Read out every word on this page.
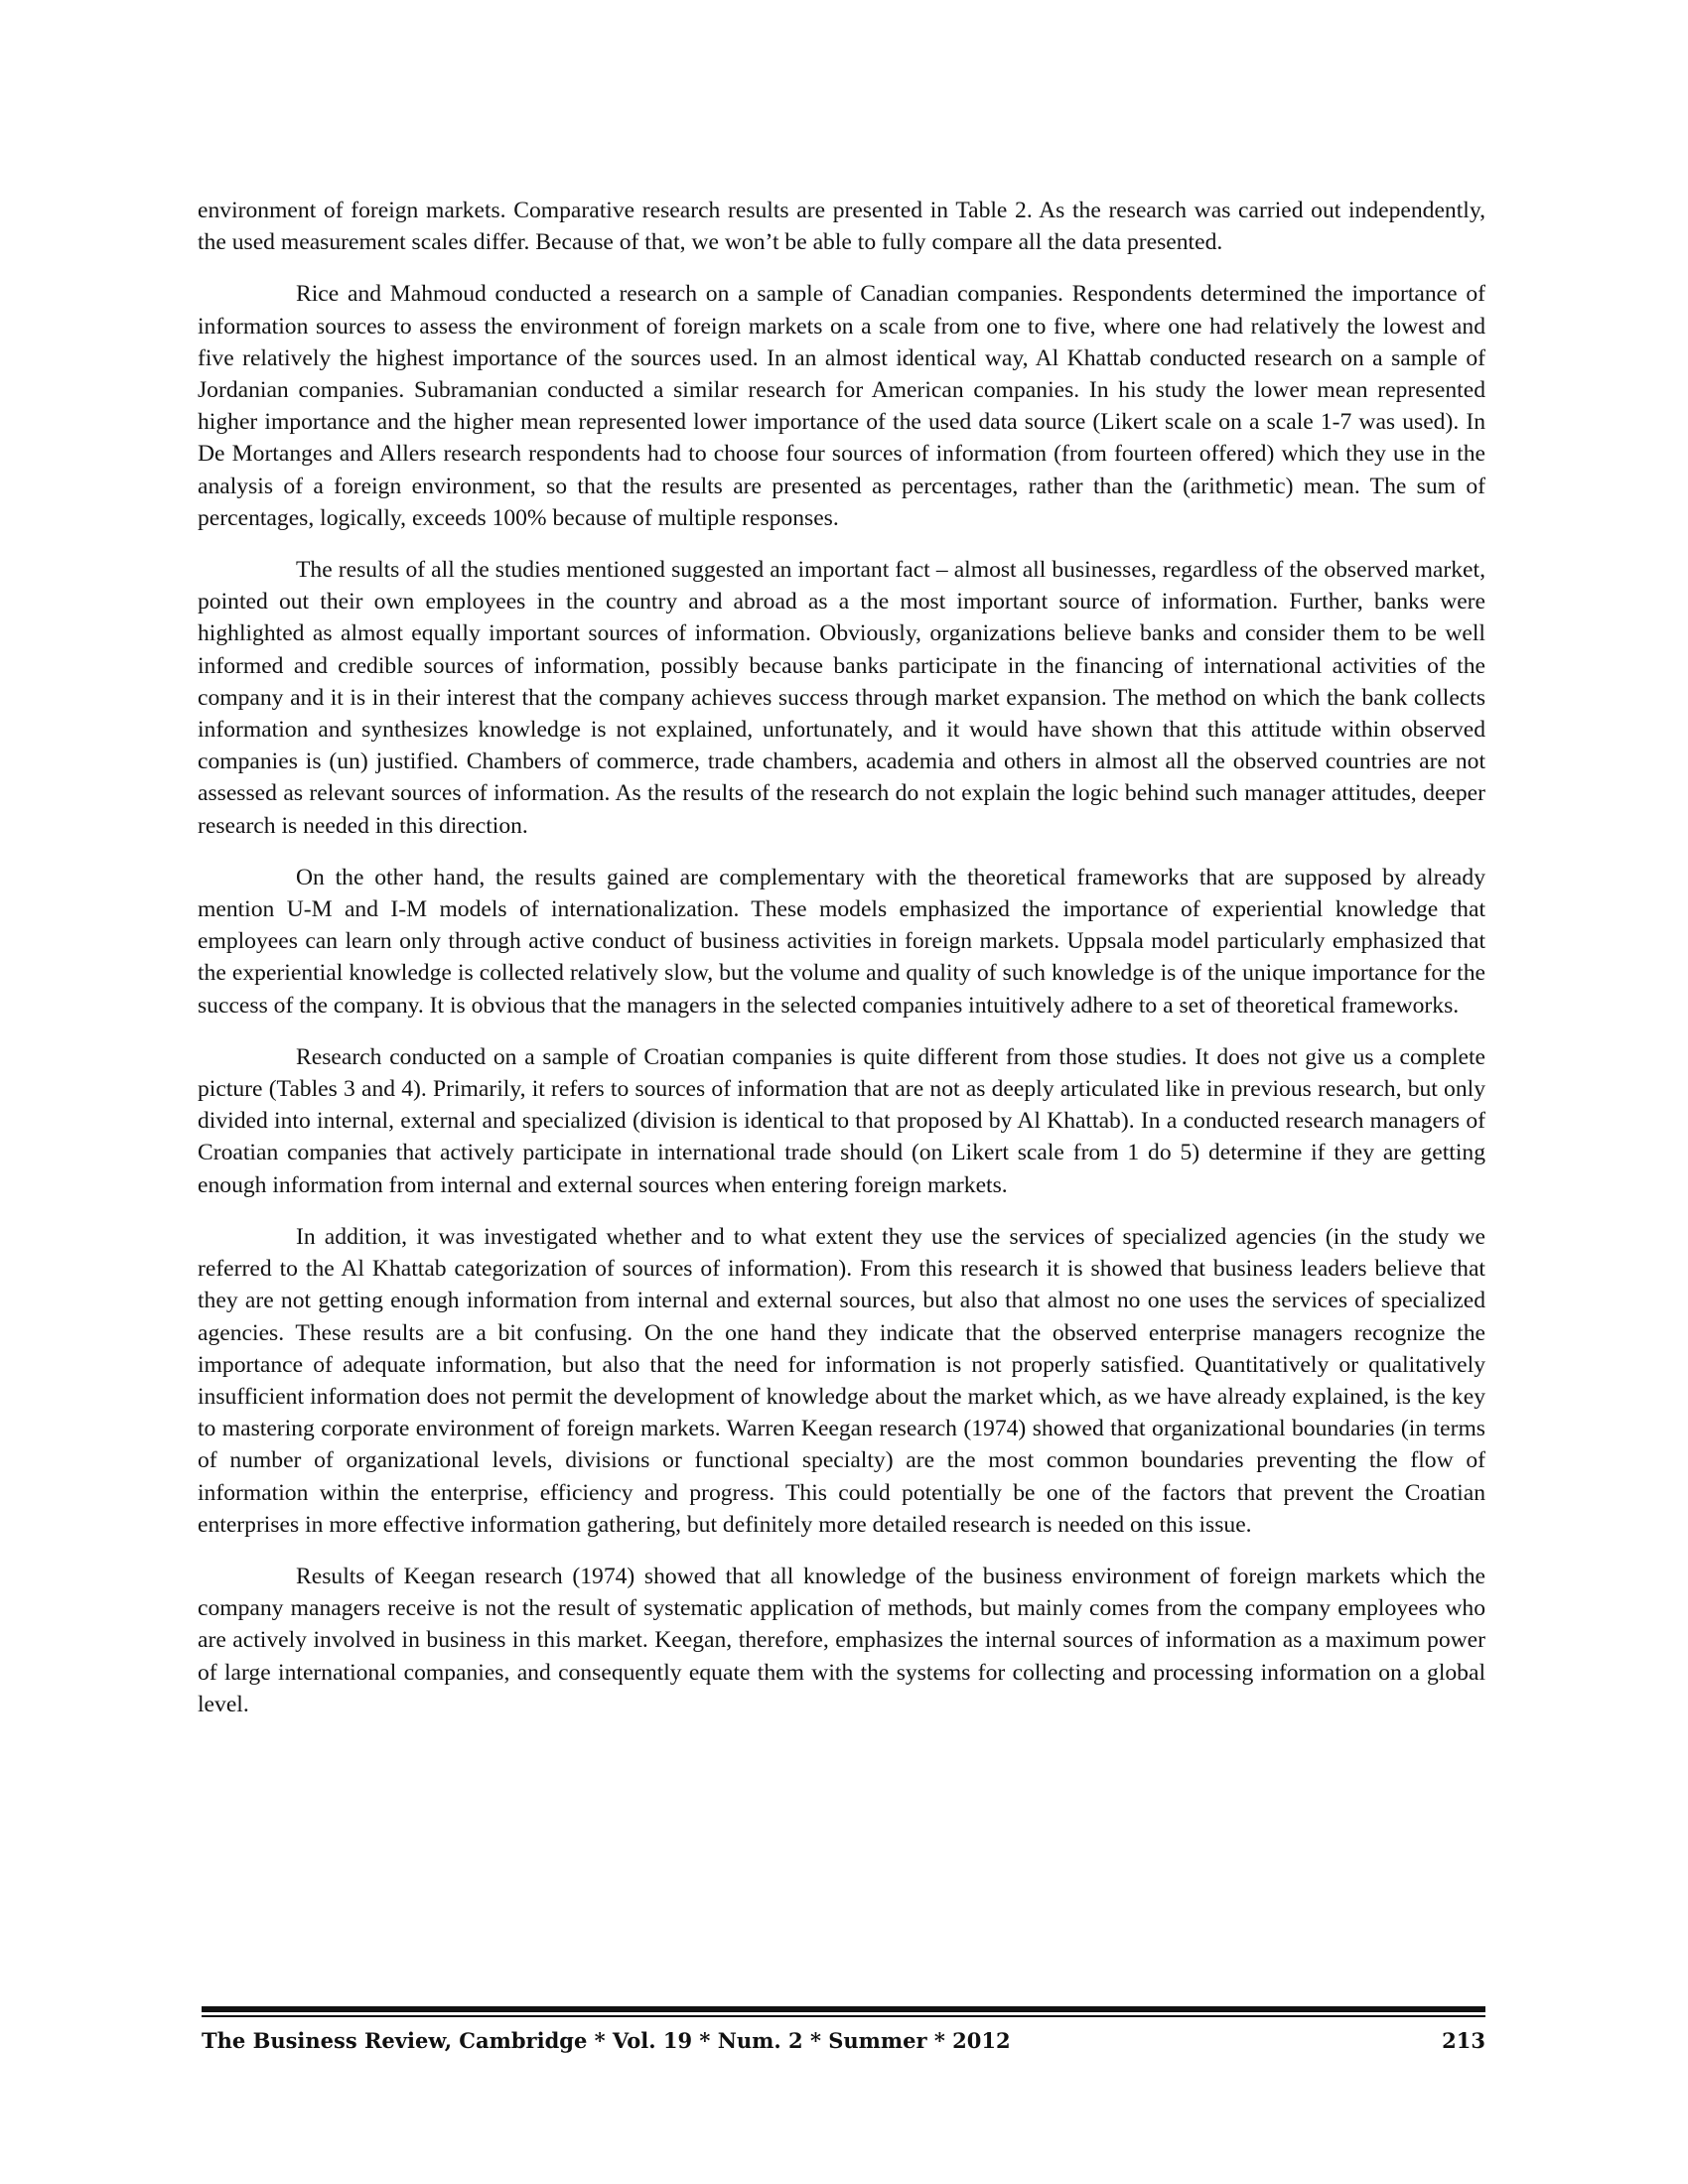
environment of foreign markets. Comparative research results are presented in Table 2. As the research was carried out independently, the used measurement scales differ. Because of that, we won’t be able to fully compare all the data presented.

Rice and Mahmoud conducted a research on a sample of Canadian companies. Respondents determined the importance of information sources to assess the environment of foreign markets on a scale from one to five, where one had relatively the lowest and five relatively the highest importance of the sources used. In an almost identical way, Al Khattab conducted research on a sample of Jordanian companies. Subramanian conducted a similar research for American companies. In his study the lower mean represented higher importance and the higher mean represented lower importance of the used data source (Likert scale on a scale 1-7 was used). In De Mortanges and Allers research respondents had to choose four sources of information (from fourteen offered) which they use in the analysis of a foreign environment, so that the results are presented as percentages, rather than the (arithmetic) mean. The sum of percentages, logically, exceeds 100% because of multiple responses.

The results of all the studies mentioned suggested an important fact – almost all businesses, regardless of the observed market, pointed out their own employees in the country and abroad as a the most important source of information. Further, banks were highlighted as almost equally important sources of information. Obviously, organizations believe banks and consider them to be well informed and credible sources of information, possibly because banks participate in the financing of international activities of the company and it is in their interest that the company achieves success through market expansion. The method on which the bank collects information and synthesizes knowledge is not explained, unfortunately, and it would have shown that this attitude within observed companies is (un) justified. Chambers of commerce, trade chambers, academia and others in almost all the observed countries are not assessed as relevant sources of information. As the results of the research do not explain the logic behind such manager attitudes, deeper research is needed in this direction.

On the other hand, the results gained are complementary with the theoretical frameworks that are supposed by already mention U-M and I-M models of internationalization. These models emphasized the importance of experiential knowledge that employees can learn only through active conduct of business activities in foreign markets. Uppsala model particularly emphasized that the experiential knowledge is collected relatively slow, but the volume and quality of such knowledge is of the unique importance for the success of the company. It is obvious that the managers in the selected companies intuitively adhere to a set of theoretical frameworks.

Research conducted on a sample of Croatian companies is quite different from those studies. It does not give us a complete picture (Tables 3 and 4). Primarily, it refers to sources of information that are not as deeply articulated like in previous research, but only divided into internal, external and specialized (division is identical to that proposed by Al Khattab). In a conducted research managers of Croatian companies that actively participate in international trade should (on Likert scale from 1 do 5) determine if they are getting enough information from internal and external sources when entering foreign markets.

In addition, it was investigated whether and to what extent they use the services of specialized agencies (in the study we referred to the Al Khattab categorization of sources of information). From this research it is showed that business leaders believe that they are not getting enough information from internal and external sources, but also that almost no one uses the services of specialized agencies. These results are a bit confusing. On the one hand they indicate that the observed enterprise managers recognize the importance of adequate information, but also that the need for information is not properly satisfied. Quantitatively or qualitatively insufficient information does not permit the development of knowledge about the market which, as we have already explained, is the key to mastering corporate environment of foreign markets. Warren Keegan research (1974) showed that organizational boundaries (in terms of number of organizational levels, divisions or functional specialty) are the most common boundaries preventing the flow of information within the enterprise, efficiency and progress. This could potentially be one of the factors that prevent the Croatian enterprises in more effective information gathering, but definitely more detailed research is needed on this issue.

Results of Keegan research (1974) showed that all knowledge of the business environment of foreign markets which the company managers receive is not the result of systematic application of methods, but mainly comes from the company employees who are actively involved in business in this market. Keegan, therefore, emphasizes the internal sources of information as a maximum power of large international companies, and consequently equate them with the systems for collecting and processing information on a global level.

The Business Review, Cambridge * Vol. 19 * Num. 2 * Summer * 2012	213
